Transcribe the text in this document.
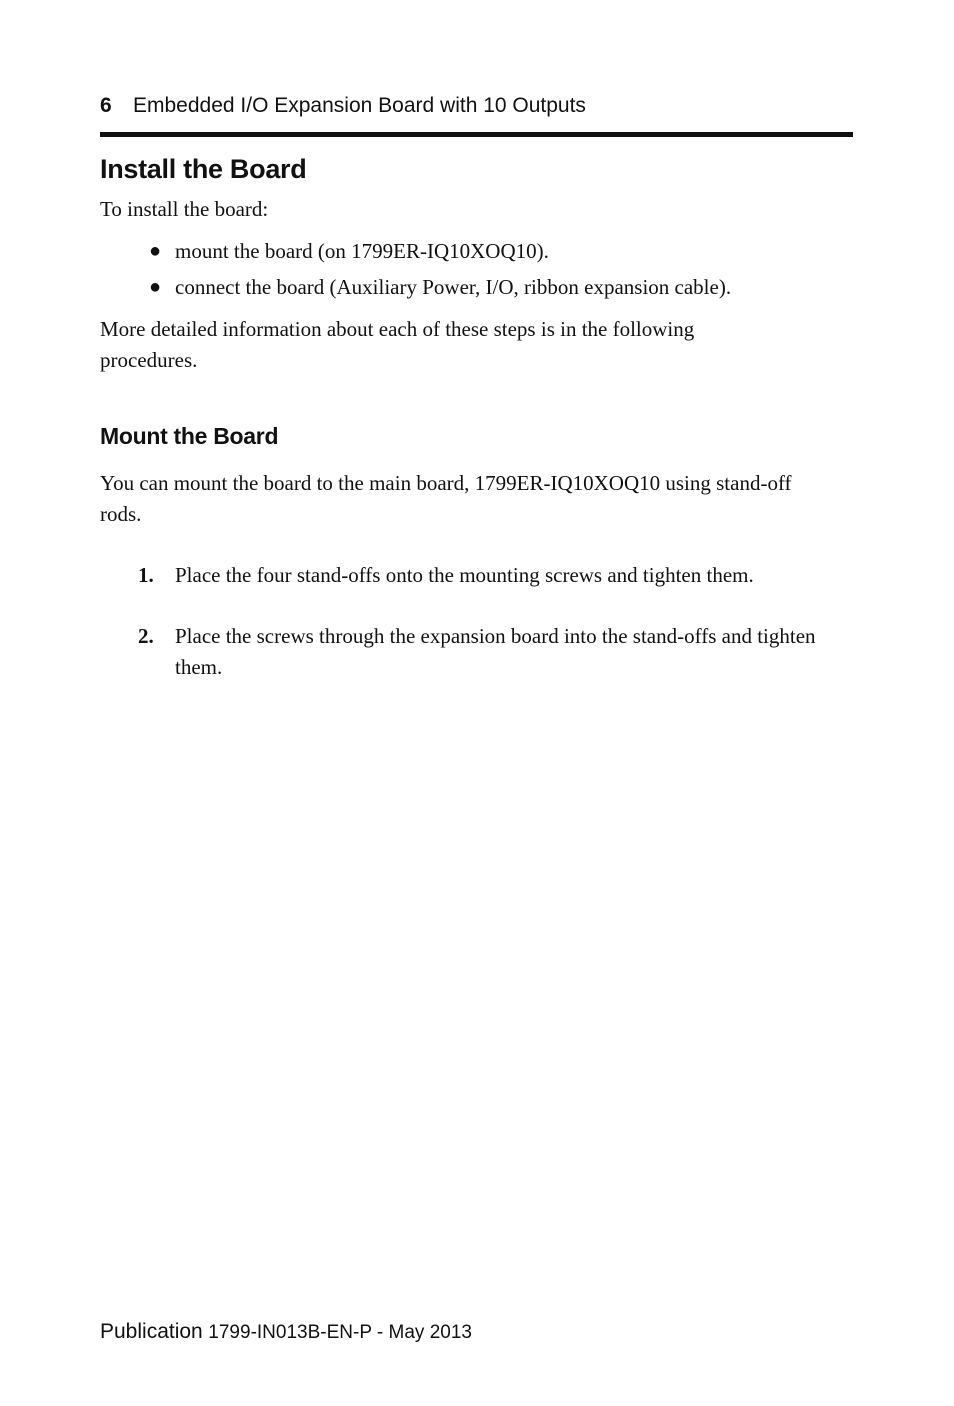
6 Embedded I/O Expansion Board with 10 Outputs
Install the Board

To install the board:

● mount the board (on 1799ER-IQ10XOQ10).
● connect the board (Auxiliary Power, I/O, ribbon expansion cable).

More detailed information about each of these steps is in the following procedures.

Mount the Board

You can mount the board to the main board, 1799ER-IQ10XOQ10 using stand-off rods.

1. Place the four stand-offs onto the mounting screws and tighten them.
2. Place the screws through the expansion board into the stand-offs and tighten them.
Publication 1799-IN013B-EN-P - May 2013
